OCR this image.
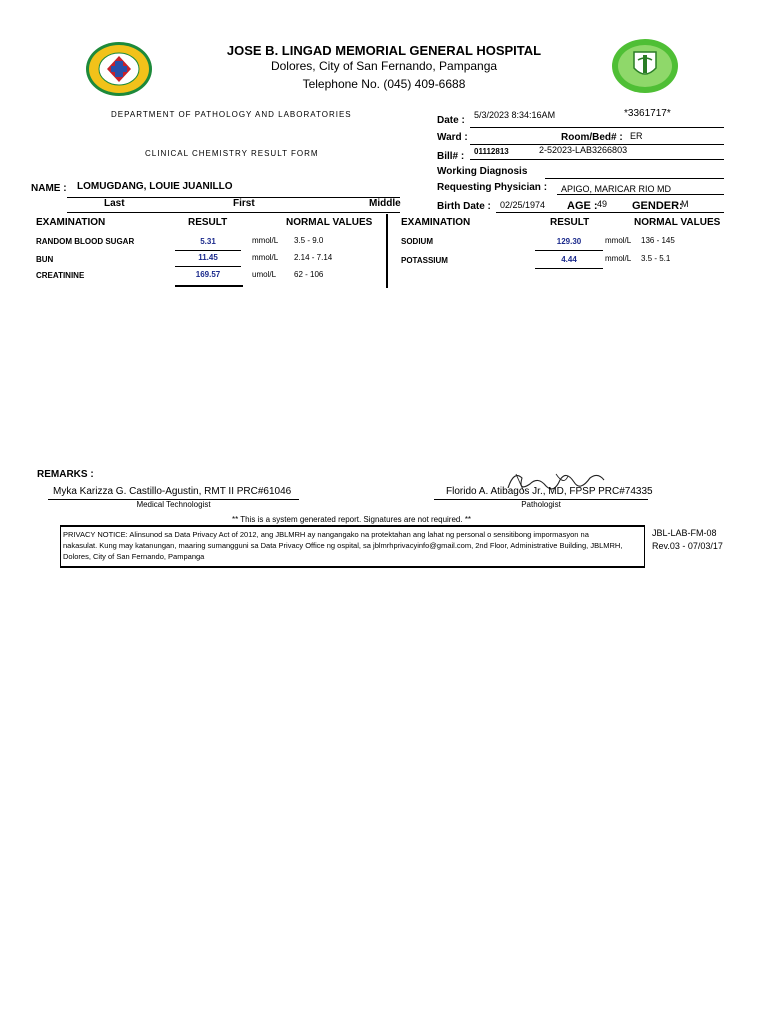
JOSE B. LINGAD MEMORIAL GENERAL HOSPITAL
Dolores, City of San Fernando, Pampanga
Telephone No. (045) 409-6688
DEPARTMENT OF PATHOLOGY AND LABORATORIES
CLINICAL CHEMISTRY RESULT FORM
Date : 5/3/2023 8:34:16AM	*3361717*
Ward :	Room/Bed# : ER
Bill# : 01112813	2-52023-LAB3266803
Working Diagnosis
Requesting Physician : APIGO, MARICAR RIO MD
Birth Date : 02/25/1974 AGE : 49 GENDER:
M
NAME : LOMUGDANG, LOUIE JUANILLO
Last	First	Middle
EXAMINATION	RESULT	NORMAL VALUES
RANDOM BLOOD SUGAR	5.31	mmol/L 3.5 - 9.0
BUN	11.45	mmol/L 2.14 - 7.14
CREATININE	169.57	umol/L 62 - 106
EXAMINATION	RESULT	NORMAL VALUES
SODIUM	129.30	mmol/L 136 - 145
POTASSIUM	4.44	mmol/L 3.5 - 5.1
REMARKS :
Myka Karizza G. Castillo-Agustin, RMT II PRC#61046
Medical Technologist
Florido A. Atibagos Jr., MD, FPSP PRC#74335
Pathologist
** This is a system generated report. Signatures are not required. **
PRIVACY NOTICE: Alinsunod sa Data Privacy Act of 2012, ang JBLMRH ay nangangako na protektahan ang lahat ng personal o sensitibong impormasyon na nakasulat. Kung may katanungan, maaring sumangguni sa Data Privacy Office ng ospital, sa jblmrhprivacyinfo@gmail.com, 2nd Floor, Administrative Building, JBLMRH, Dolores, City of San Fernando, Pampanga
JBL-LAB-FM-08
Rev.03 - 07/03/17
